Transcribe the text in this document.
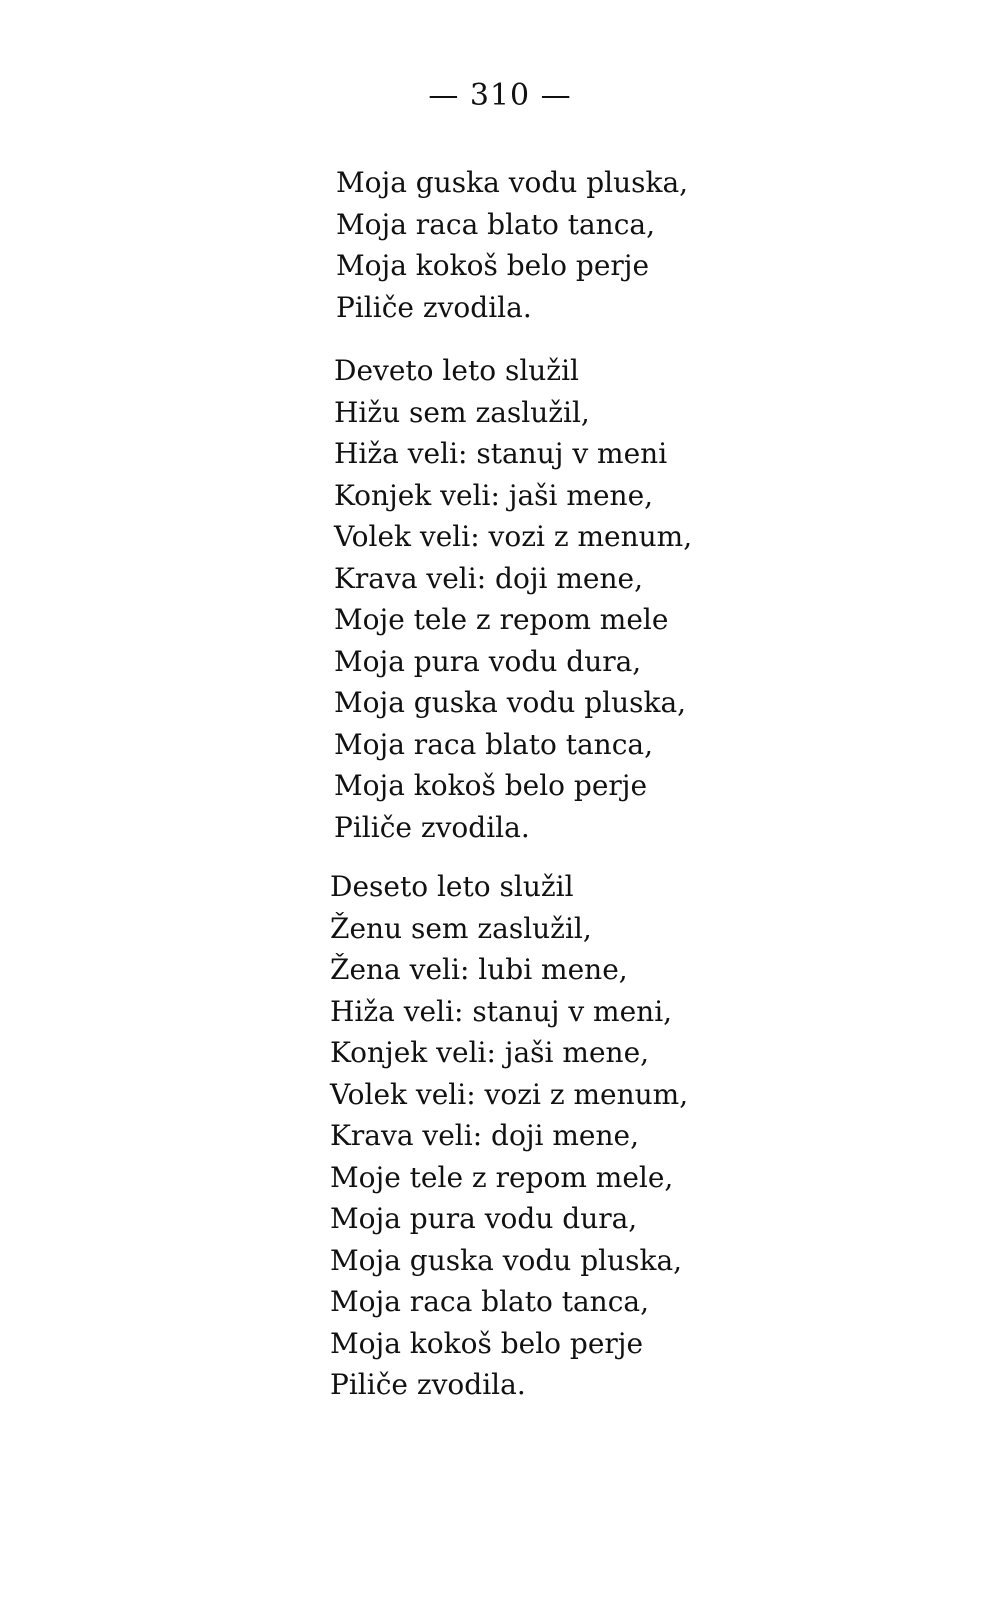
— 310 —
Moja guska vodu pluska,
Moja raca blato tanca,
Moja kokoš belo perje
Piliče zvodila.
Deveto leto služil
Hižu sem zaslužil,
Hiža veli: stanuj v meni
Konjek veli: jaši mene,
Volek veli: vozi z menum,
Krava veli: doji mene,
Moje tele z repom mele
Moja pura vodu dura,
Moja guska vodu pluska,
Moja raca blato tanca,
Moja kokoš belo perje
Piliče zvodila.
Deseto leto služil
Ženu sem zaslužil,
Žena veli: lubi mene,
Hiža veli: stanuj v meni,
Konjek veli: jaši mene,
Volek veli: vozi z menum,
Krava veli: doji mene,
Moje tele z repom mele,
Moja pura vodu dura,
Moja guska vodu pluska,
Moja raca blato tanca,
Moja kokoš belo perje
Piliče zvodila.
